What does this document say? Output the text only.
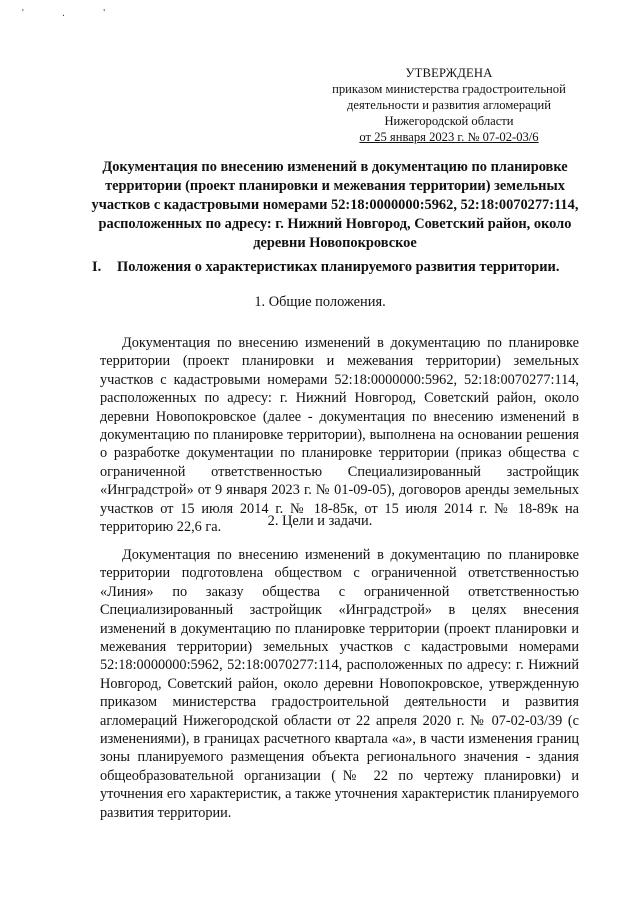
' . '
УТВЕРЖДЕНА
приказом министерства градостроительной
деятельности и развития агломераций
Нижегородской области
от 25 января 2023 г. № 07-02-03/6
Документация по внесению изменений в документацию по планировке территории (проект планировки и межевания территории) земельных участков с кадастровыми номерами 52:18:0000000:5962, 52:18:0070277:114, расположенных по адресу: г. Нижний Новгород, Советский район, около деревни Новопокровское
I. Положения о характеристиках планируемого развития территории.
1. Общие положения.
Документация по внесению изменений в документацию по планировке территории (проект планировки и межевания территории) земельных участков с кадастровыми номерами 52:18:0000000:5962, 52:18:0070277:114, расположенных по адресу: г. Нижний Новгород, Советский район, около деревни Новопокровское (далее - документация по внесению изменений в документацию по планировке территории), выполнена на основании решения о разработке документации по планировке территории (приказ общества с ограниченной ответственностью Специализированный застройщик «Инградстрой» от 9 января 2023 г. № 01-09-05), договоров аренды земельных участков от 15 июля 2014 г. № 18-85к, от 15 июля 2014 г. № 18-89к на территорию 22,6 га.	2. Цели и задачи.
Документация по внесению изменений в документацию по планировке территории подготовлена обществом с ограниченной ответственностью «Линия» по заказу общества с ограниченной ответственностью Специализированный застройщик «Инградстрой» в целях внесения изменений в документацию по планировке территории (проект планировки и межевания территории) земельных участков с кадастровыми номерами 52:18:0000000:5962, 52:18:0070277:114, расположенных по адресу: г. Нижний Новгород, Советский район, около деревни Новопокровское, утвержденную приказом министерства градостроительной деятельности и развития агломераций Нижегородской области от 22 апреля 2020 г. № 07-02-03/39 (с изменениями), в границах расчетного квартала «а», в части изменения границ зоны планируемого размещения объекта регионального значения - здания общеобразовательной организации (№ 22 по чертежу планировки) и уточнения его характеристик, а также уточнения характеристик планируемого развития территории.
